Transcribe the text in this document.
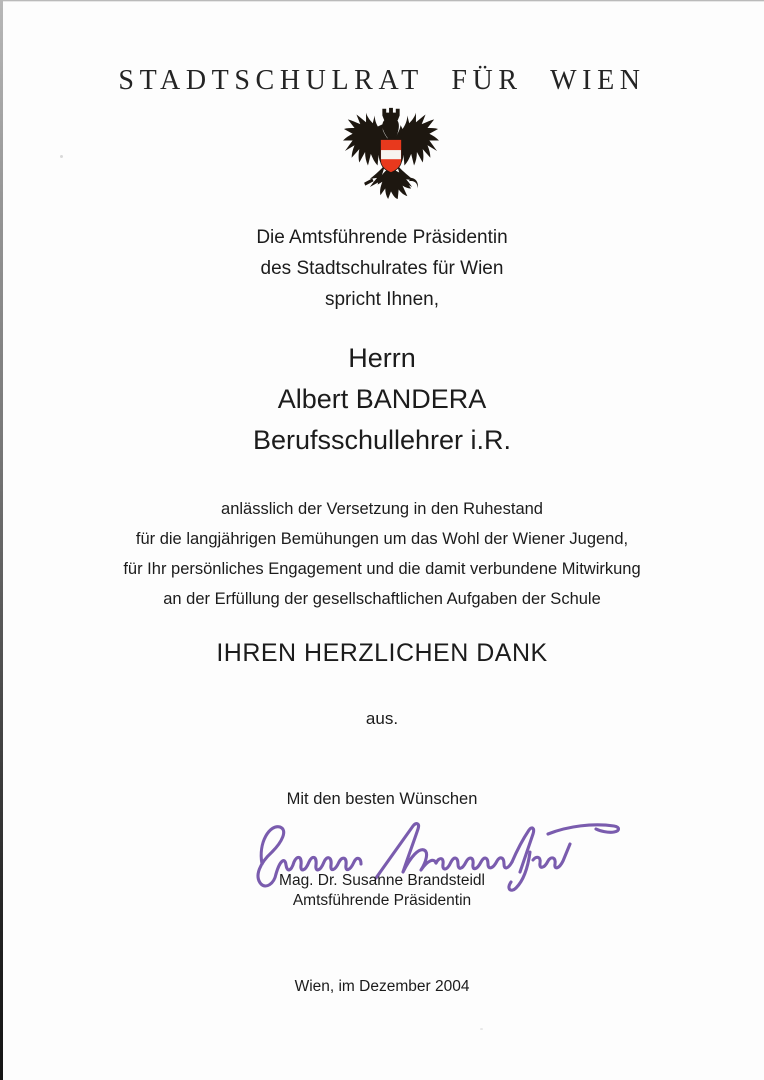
STADTSCHULRAT FÜR WIEN
Die Amtsführende Präsidentin
des Stadtschulrates für Wien
spricht Ihnen,
Herrn
Albert BANDERA
Berufsschullehrer i.R.
anlässlich der Versetzung in den Ruhestand
für die langjährigen Bemühungen um das Wohl der Wiener Jugend,
für Ihr persönliches Engagement und die damit verbundene Mitwirkung
an der Erfüllung der gesellschaftlichen Aufgaben der Schule
IHREN HERZLICHEN DANK
aus.
Mit den besten Wünschen
Mag. Dr. Susanne Brandsteidl
Amtsführende Präsidentin
Wien, im Dezember 2004
